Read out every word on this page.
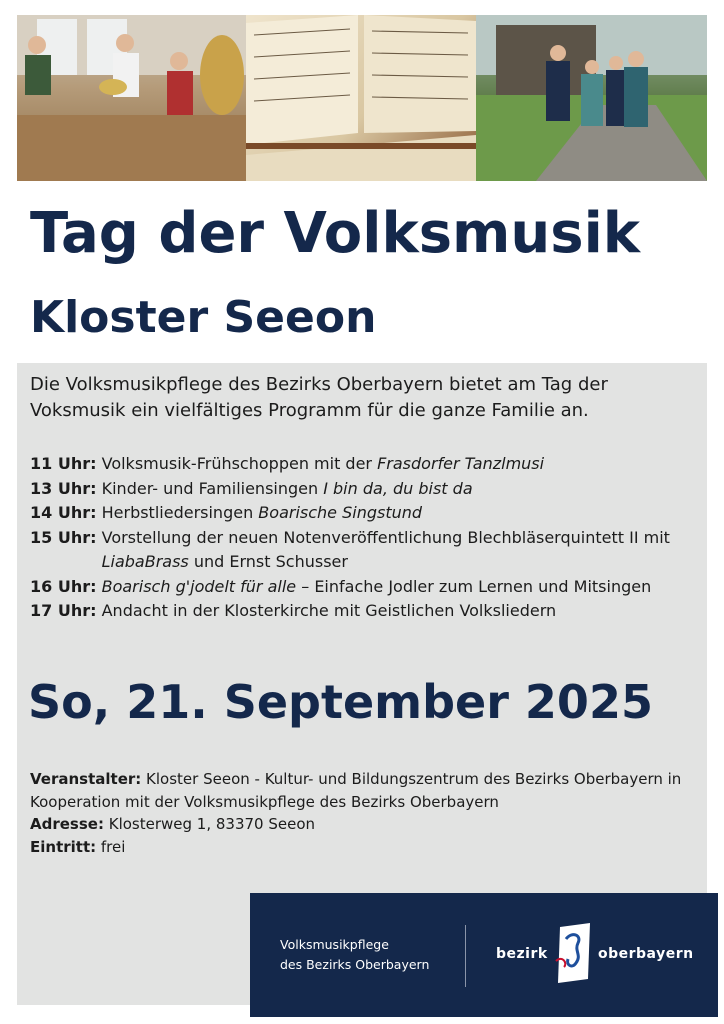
Tag der Volksmusik
Kloster Seeon

Die Volksmusikpflege des Bezirks Oberbayern bietet am Tag der Voksmusik ein vielfältiges Programm für die ganze Familie an.

11 Uhr:
Volksmusik-Frühschoppen mit der Frasdorfer Tanzlmusi
13 Uhr:
Kinder- und Familiensingen I bin da, du bist da
14 Uhr:
Herbstliedersingen Boarische Singstund
15 Uhr:
Vorstellung der neuen Notenveröffentlichung Blechbläserquintett II mit LiabaBrass und Ernst Schusser
16 Uhr:
Boarisch g'jodelt für alle – Einfache Jodler zum Lernen und Mitsingen
17 Uhr:
Andacht in der Klosterkirche mit Geistlichen Volksliedern
So, 21. September 2025
Veranstalter: Kloster Seeon - Kultur- und Bildungszentrum des Bezirks Oberbayern in Kooperation mit der Volksmusikpflege des Bezirks Oberbayern
Adresse: Klosterweg 1, 83370 Seeon
Eintritt: frei
Volksmusikpflege
des Bezirks Oberbayern
bezirk	oberbayern
